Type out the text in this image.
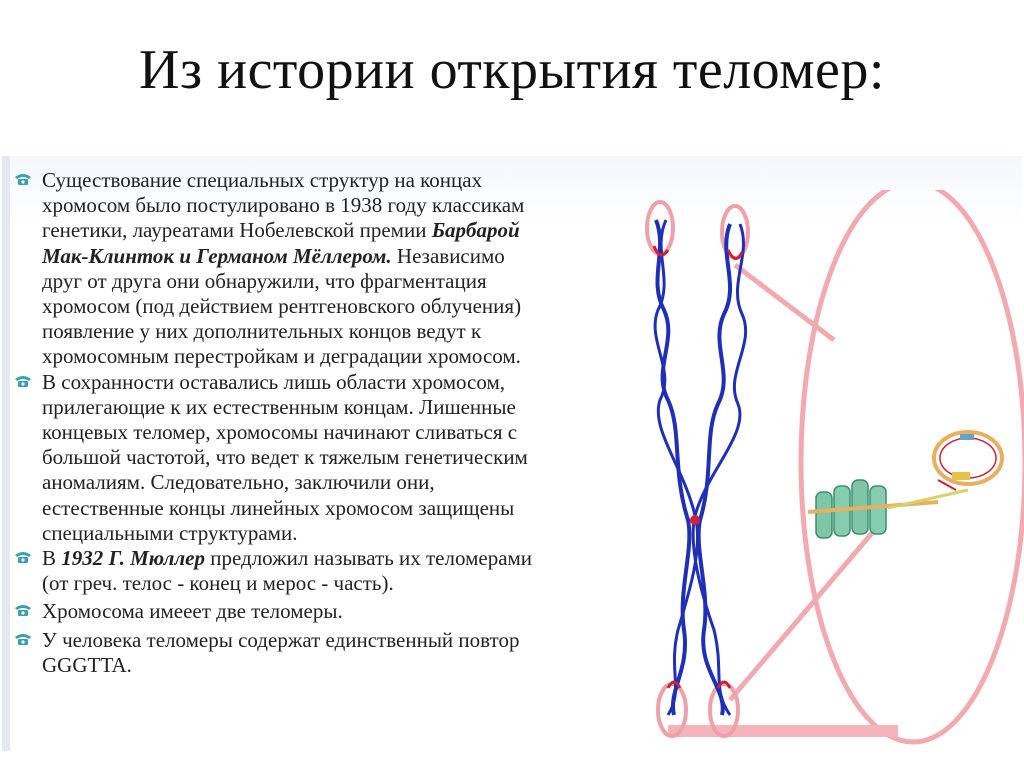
Из истории открытия теломер:
Существование специальных структур на концах
хромосом было постулировано в 1938 году классикам
генетики, лауреатами Нобелевской премии Барбарой
Мак-Клинток и Германом Мёллером. Независимо
друг от друга они обнаружили, что фрагментация
хромосом (под действием рентгеновского облучения)
появление у них дополнительных концов ведут к
хромосомным перестройкам и деградации хромосом.
В сохранности оставались лишь области хромосом,
прилегающие к их естественным концам. Лишенные
концевых теломер, хромосомы начинают сливаться с
большой частотой, что ведет к тяжелым генетическим
аномалиям. Следовательно, заключили они,
естественные концы линейных хромосом защищены
специальными структурами.
В 1932 Г. Мюллер предложил называть их теломерами
(от греч. телос - конец и мерос - часть).
Хромосома имееет две теломеры.
У человека теломеры содержат единственный повтор
GGGTTA.
